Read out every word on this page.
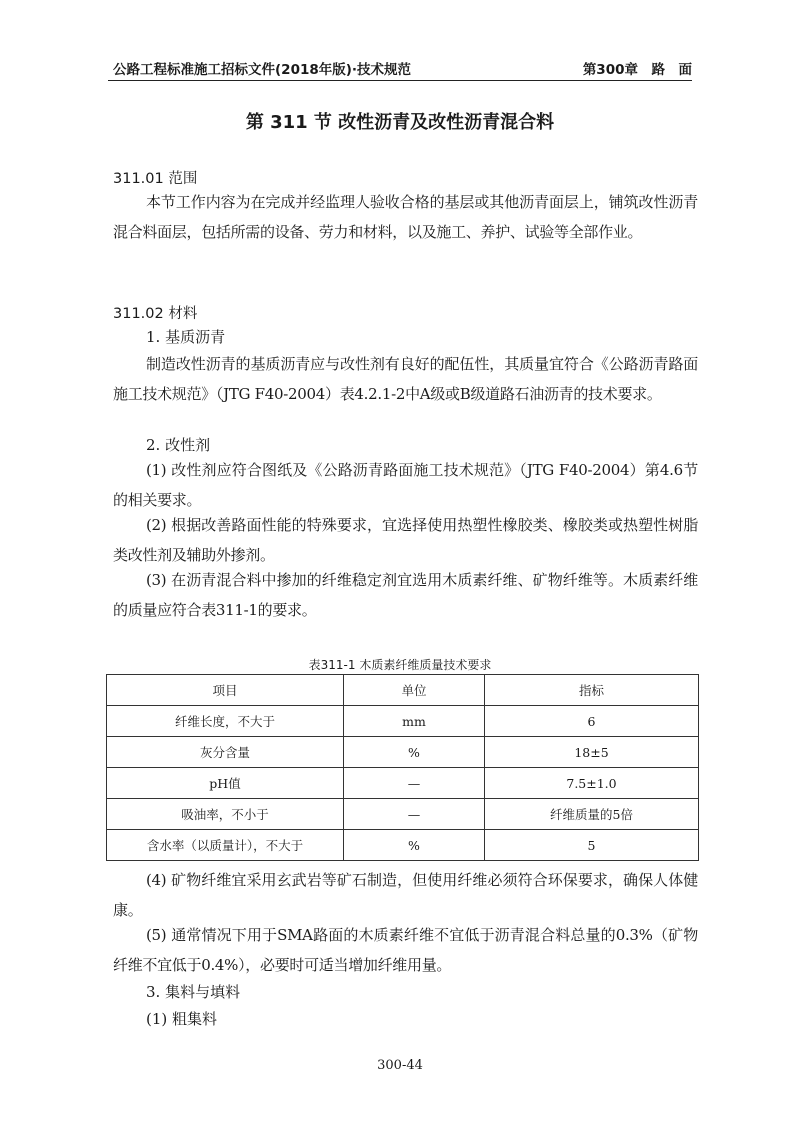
公路工程标准施工招标文件(2018年版)·技术规范	第300章　路　面
第 311 节 改性沥青及改性沥青混合料
311.01 范围
本节工作内容为在完成并经监理人验收合格的基层或其他沥青面层上，铺筑改性沥青混合料面层，包括所需的设备、劳力和材料，以及施工、养护、试验等全部作业。
311.02 材料
1. 基质沥青
制造改性沥青的基质沥青应与改性剂有良好的配伍性，其质量宜符合《公路沥青路面施工技术规范》（JTG F40-2004）表4.2.1-2中A级或B级道路石油沥青的技术要求。
2. 改性剂
(1) 改性剂应符合图纸及《公路沥青路面施工技术规范》（JTG F40-2004）第4.6节的相关要求。
(2) 根据改善路面性能的特殊要求，宜选择使用热塑性橡胶类、橡胶类或热塑性树脂类改性剂及辅助外掺剂。
(3) 在沥青混合料中掺加的纤维稳定剂宜选用木质素纤维、矿物纤维等。木质素纤维的质量应符合表311-1的要求。
表311-1 木质素纤维质量技术要求
项目	单位	指标
纤维长度，不大于	mm	6
灰分含量	%	18±5
pH值	—	7.5±1.0
吸油率，不小于	—	纤维质量的5倍
含水率（以质量计），不大于	%	5
(4) 矿物纤维宜采用玄武岩等矿石制造，但使用纤维必须符合环保要求，确保人体健康。
(5) 通常情况下用于SMA路面的木质素纤维不宜低于沥青混合料总量的0.3%（矿物纤维不宜低于0.4%），必要时可适当增加纤维用量。
3. 集料与填料
(1) 粗集料
300-44
